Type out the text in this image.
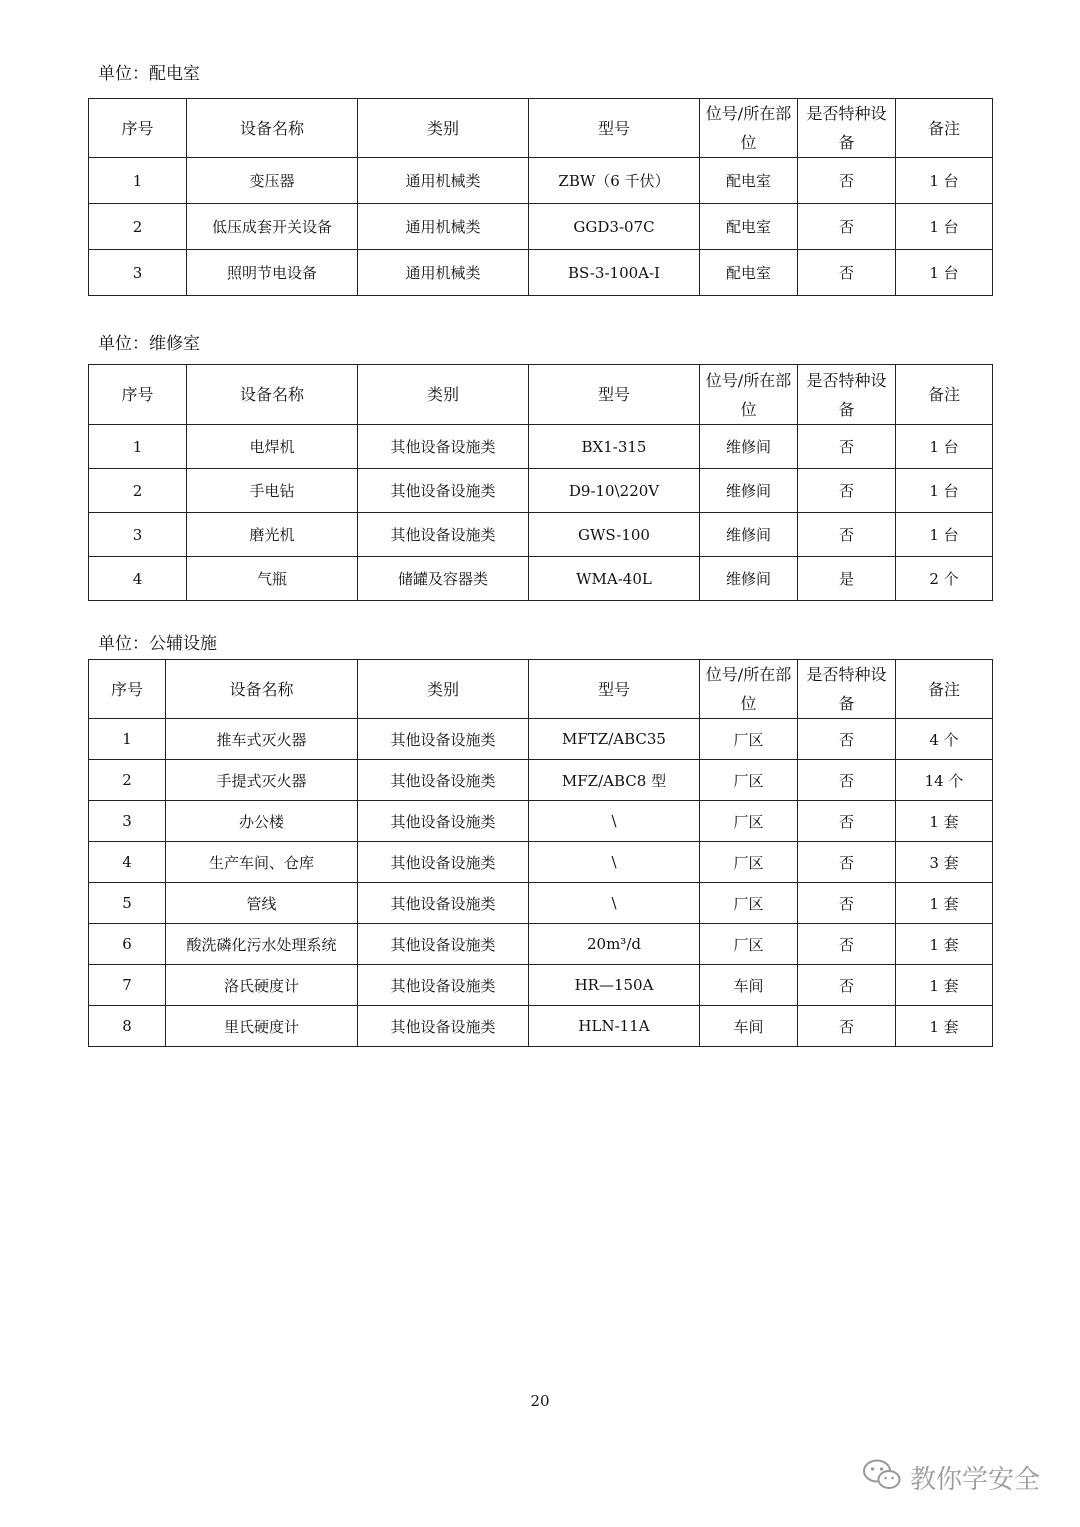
单位：配电室
序号	设备名称	类别	型号	位号/所在部位	是否特种设备	备注
1	变压器	通用机械类	ZBW（6 千伏）	配电室	否	1 台
2	低压成套开关设备	通用机械类	GGD3-07C	配电室	否	1 台
3	照明节电设备	通用机械类	BS-3-100A-I	配电室	否	1 台
单位：维修室
序号	设备名称	类别	型号	位号/所在部位	是否特种设备	备注
1	电焊机	其他设备设施类	BX1-315	维修间	否	1 台
2	手电钻	其他设备设施类	D9-10\220V	维修间	否	1 台
3	磨光机	其他设备设施类	GWS-100	维修间	否	1 台
4	气瓶	储罐及容器类	WMA-40L	维修间	是	2 个
单位：公辅设施
序号	设备名称	类别	型号	位号/所在部位	是否特种设备	备注
1	推车式灭火器	其他设备设施类	MFTZ/ABC35	厂区	否	4 个
2	手提式灭火器	其他设备设施类	MFZ/ABC8 型	厂区	否	14 个
3	办公楼	其他设备设施类	\	厂区	否	1 套
4	生产车间、仓库	其他设备设施类	\	厂区	否	3 套
5	管线	其他设备设施类	\	厂区	否	1 套
6	酸洗磷化污水处理系统	其他设备设施类	20m³/d	厂区	否	1 套
7	洛氏硬度计	其他设备设施类	HR—150A	车间	否	1 套
8	里氏硬度计	其他设备设施类	HLN-11A	车间	否	1 套
20
教你学安全
